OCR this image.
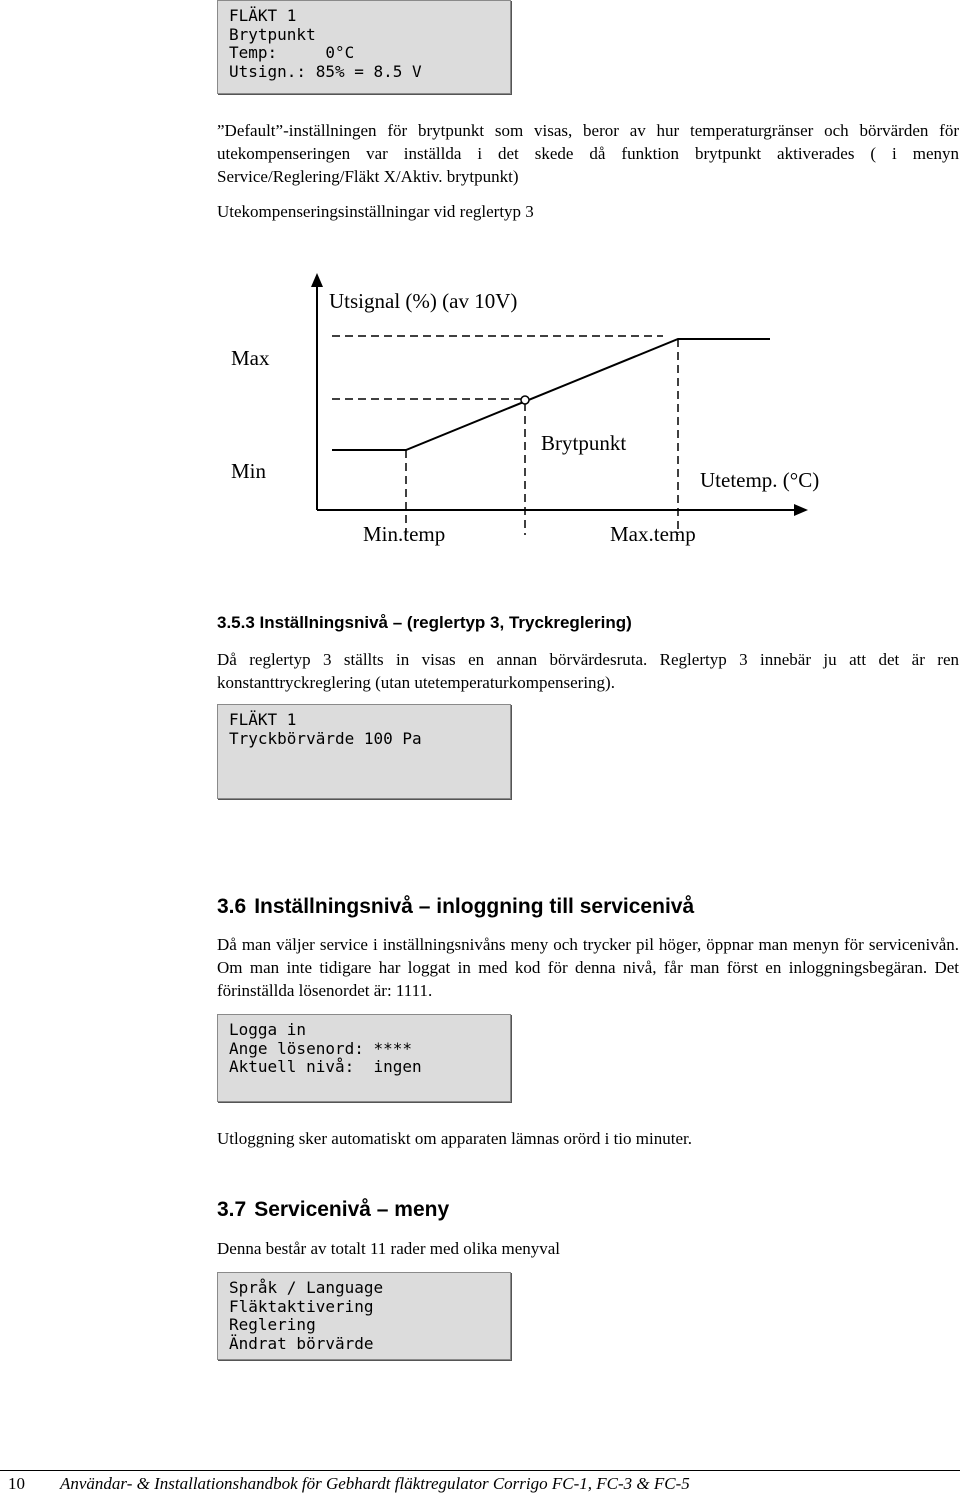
FLÄKT 1
Brytpunkt
Temp:     0°C
Utsign.: 85% = 8.5 V
”Default”-inställningen för brytpunkt som visas, beror av hur temperaturgränser och börvärden för utekompenseringen var inställda i det skede då funktion brytpunkt aktiverades ( i menyn Service/Reglering/Fläkt X/Aktiv. brytpunkt)
Utekompenseringsinställningar vid reglertyp 3
Utsignal (%) (av 10V)
Max
Min
Brytpunkt
Utetemp. (°C)
Min.temp	Max.temp
3.5.3 Inställningsnivå – (reglertyp 3, Tryckreglering)
Då reglertyp 3 ställts in visas en annan börvärdesruta. Reglertyp 3 innebär ju att det är ren konstanttryckreglering (utan utetemperaturkompensering).
FLÄKT 1
Tryckbörvärde 100 Pa
3.6 Inställningsnivå – inloggning till servicenivå
Då man väljer service i inställningsnivåns meny och trycker pil höger, öppnar man menyn för servicenivån. Om man inte tidigare har loggat in med kod för denna nivå, får man först en inloggningsbegäran. Det förinställda lösenordet är: 1111.
Logga in
Ange lösenord: ****
Aktuell nivå:  ingen
Utloggning sker automatiskt om apparaten lämnas orörd i tio minuter.
3.7 Servicenivå – meny
Denna består av totalt 11 rader med olika menyval
Språk / Language
Fläktaktivering
Reglering
Ändrat börvärde
10 Användar- & Installationshandbok för Gebhardt fläktregulator Corrigo FC-1, FC-3 & FC-5
